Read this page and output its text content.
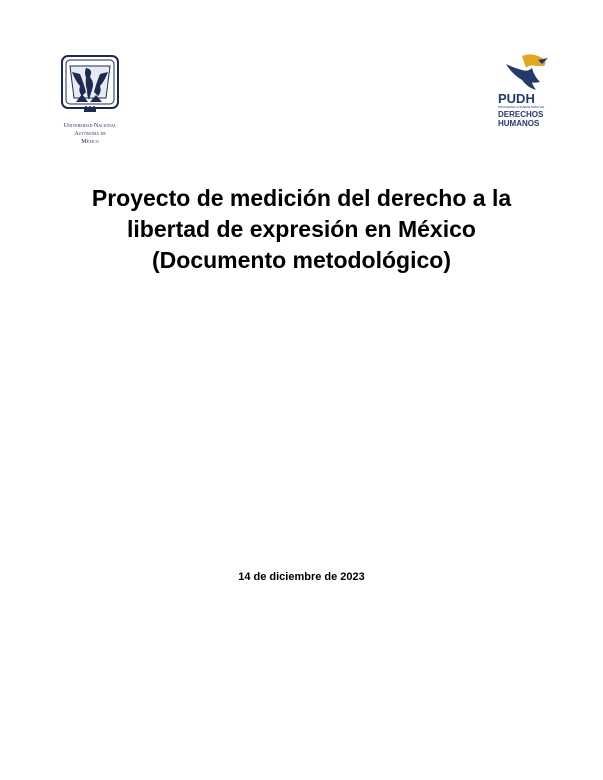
Universidad Nacional
Autónoma de
México
PUDH
PROGRAMA UNIVERSITARIO DE
DERECHOS
HUMANOS
Proyecto de medición del derecho a la
libertad de expresión en México
(Documento metodológico)
14 de diciembre de 2023
